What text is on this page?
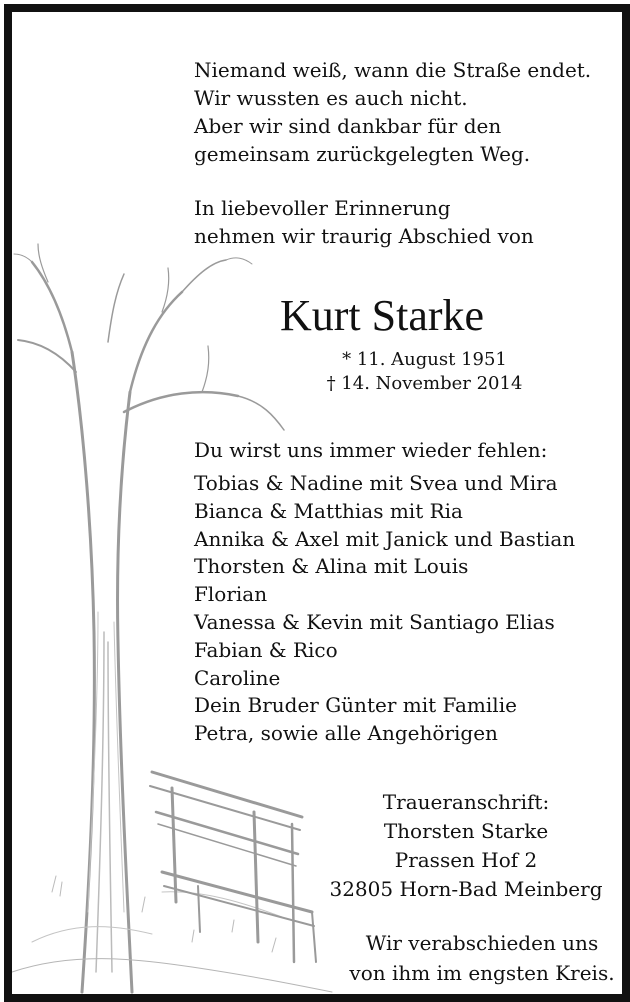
Niemand weiß, wann die Straße endet.
Wir wussten es auch nicht.
Aber wir sind dankbar für den
gemeinsam zurückgelegten Weg.
In liebevoller Erinnerung
nehmen wir traurig Abschied von
Kurt Starke
* 11. August 1951
† 14. November 2014
Du wirst uns immer wieder fehlen:
Tobias & Nadine mit Svea und Mira
Bianca & Matthias mit Ria
Annika & Axel mit Janick und Bastian
Thorsten & Alina mit Louis
Florian
Vanessa & Kevin mit Santiago Elias
Fabian & Rico
Caroline
Dein Bruder Günter mit Familie
Petra, sowie alle Angehörigen
Traueranschrift:
Thorsten Starke
Prassen Hof 2
32805 Horn-Bad Meinberg
Wir verabschieden uns
von ihm im engsten Kreis.
